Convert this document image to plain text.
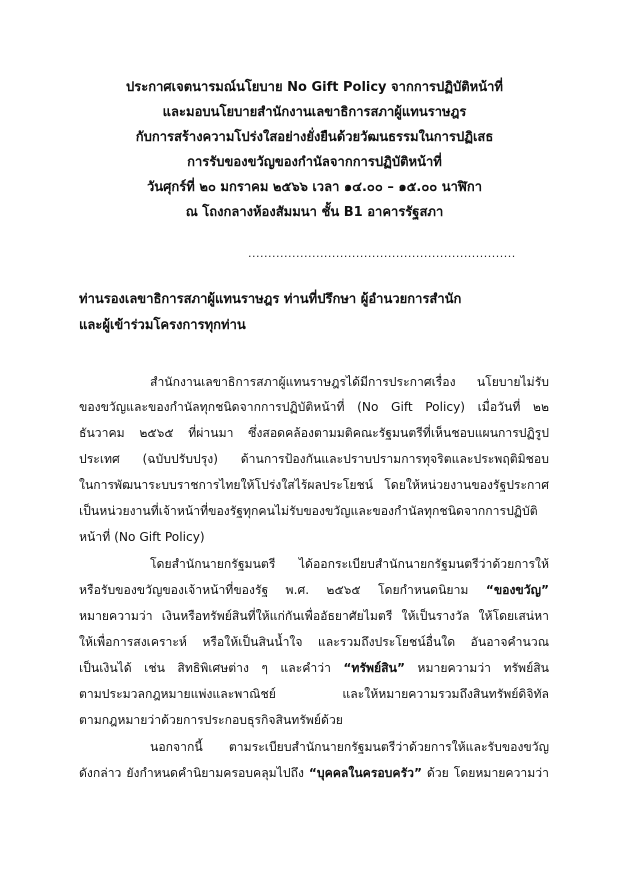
ประกาศเจตนารมณ์นโยบาย No Gift Policy จากการปฏิบัติหน้าที่
และมอบนโยบายสำนักงานเลขาธิการสภาผู้แทนราษฎร
กับการสร้างความโปร่งใสอย่างยั่งยืนด้วยวัฒนธรรมในการปฏิเสธ
การรับของขวัญของกำนัลจากการปฏิบัติหน้าที่
วันศุกร์ที่ ๒๐ มกราคม ๒๕๖๖ เวลา ๑๔.๐๐ – ๑๕.๐๐ นาฬิกา
ณ โถงกลางห้องสัมมนา ชั้น B1 อาคารรัฐสภา
...................................................................
ท่านรองเลขาธิการสภาผู้แทนราษฎร ท่านที่ปรึกษา ผู้อำนวยการสำนัก
และผู้เข้าร่วมโครงการทุกท่าน
สำนักงานเลขาธิการสภาผู้แทนราษฎรได้มีการประกาศเรื่อง นโยบายไม่รับ
ของขวัญและของกำนัลทุกชนิดจากการปฏิบัติหน้าที่ (No Gift Policy) เมื่อวันที่ ๒๒
ธันวาคม ๒๕๖๕ ที่ผ่านมา ซึ่งสอดคล้องตามมติคณะรัฐมนตรีที่เห็นชอบแผนการปฏิรูป
ประเทศ (ฉบับปรับปรุง) ด้านการป้องกันและปราบปรามการทุจริตและประพฤติมิชอบ
ในการพัฒนาระบบราชการไทยให้โปร่งใสไร้ผลประโยชน์ โดยให้หน่วยงานของรัฐประกาศ
เป็นหน่วยงานที่เจ้าหน้าที่ของรัฐทุกคนไม่รับของขวัญและของกำนัลทุกชนิดจากการปฏิบัติ
หน้าที่ (No Gift Policy)
โดยสำนักนายกรัฐมนตรี ได้ออกระเบียบสำนักนายกรัฐมนตรีว่าด้วยการให้
หรือรับของขวัญของเจ้าหน้าที่ของรัฐ พ.ศ. ๒๕๖๕ โดยกำหนดนิยาม “ของขวัญ”
หมายความว่า เงินหรือทรัพย์สินที่ให้แก่กันเพื่ออัธยาศัยไมตรี ให้เป็นรางวัล ให้โดยเสน่หา
ให้เพื่อการสงเคราะห์ หรือให้เป็นสินน้ำใจ และรวมถึงประโยชน์อื่นใด อันอาจคำนวณ
เป็นเงินได้ เช่น สิทธิพิเศษต่าง ๆ และคำว่า “ทรัพย์สิน” หมายความว่า ทรัพย์สิน
ตามประมวลกฎหมายแพ่งและพาณิชย์ และให้หมายความรวมถึงสินทรัพย์ดิจิทัล
ตามกฎหมายว่าด้วยการประกอบธุรกิจสินทรัพย์ด้วย
นอกจากนี้ ตามระเบียบสำนักนายกรัฐมนตรีว่าด้วยการให้และรับของขวัญ
ดังกล่าว ยังกำหนดคำนิยามครอบคลุมไปถึง “บุคคลในครอบครัว” ด้วย โดยหมายความว่า
